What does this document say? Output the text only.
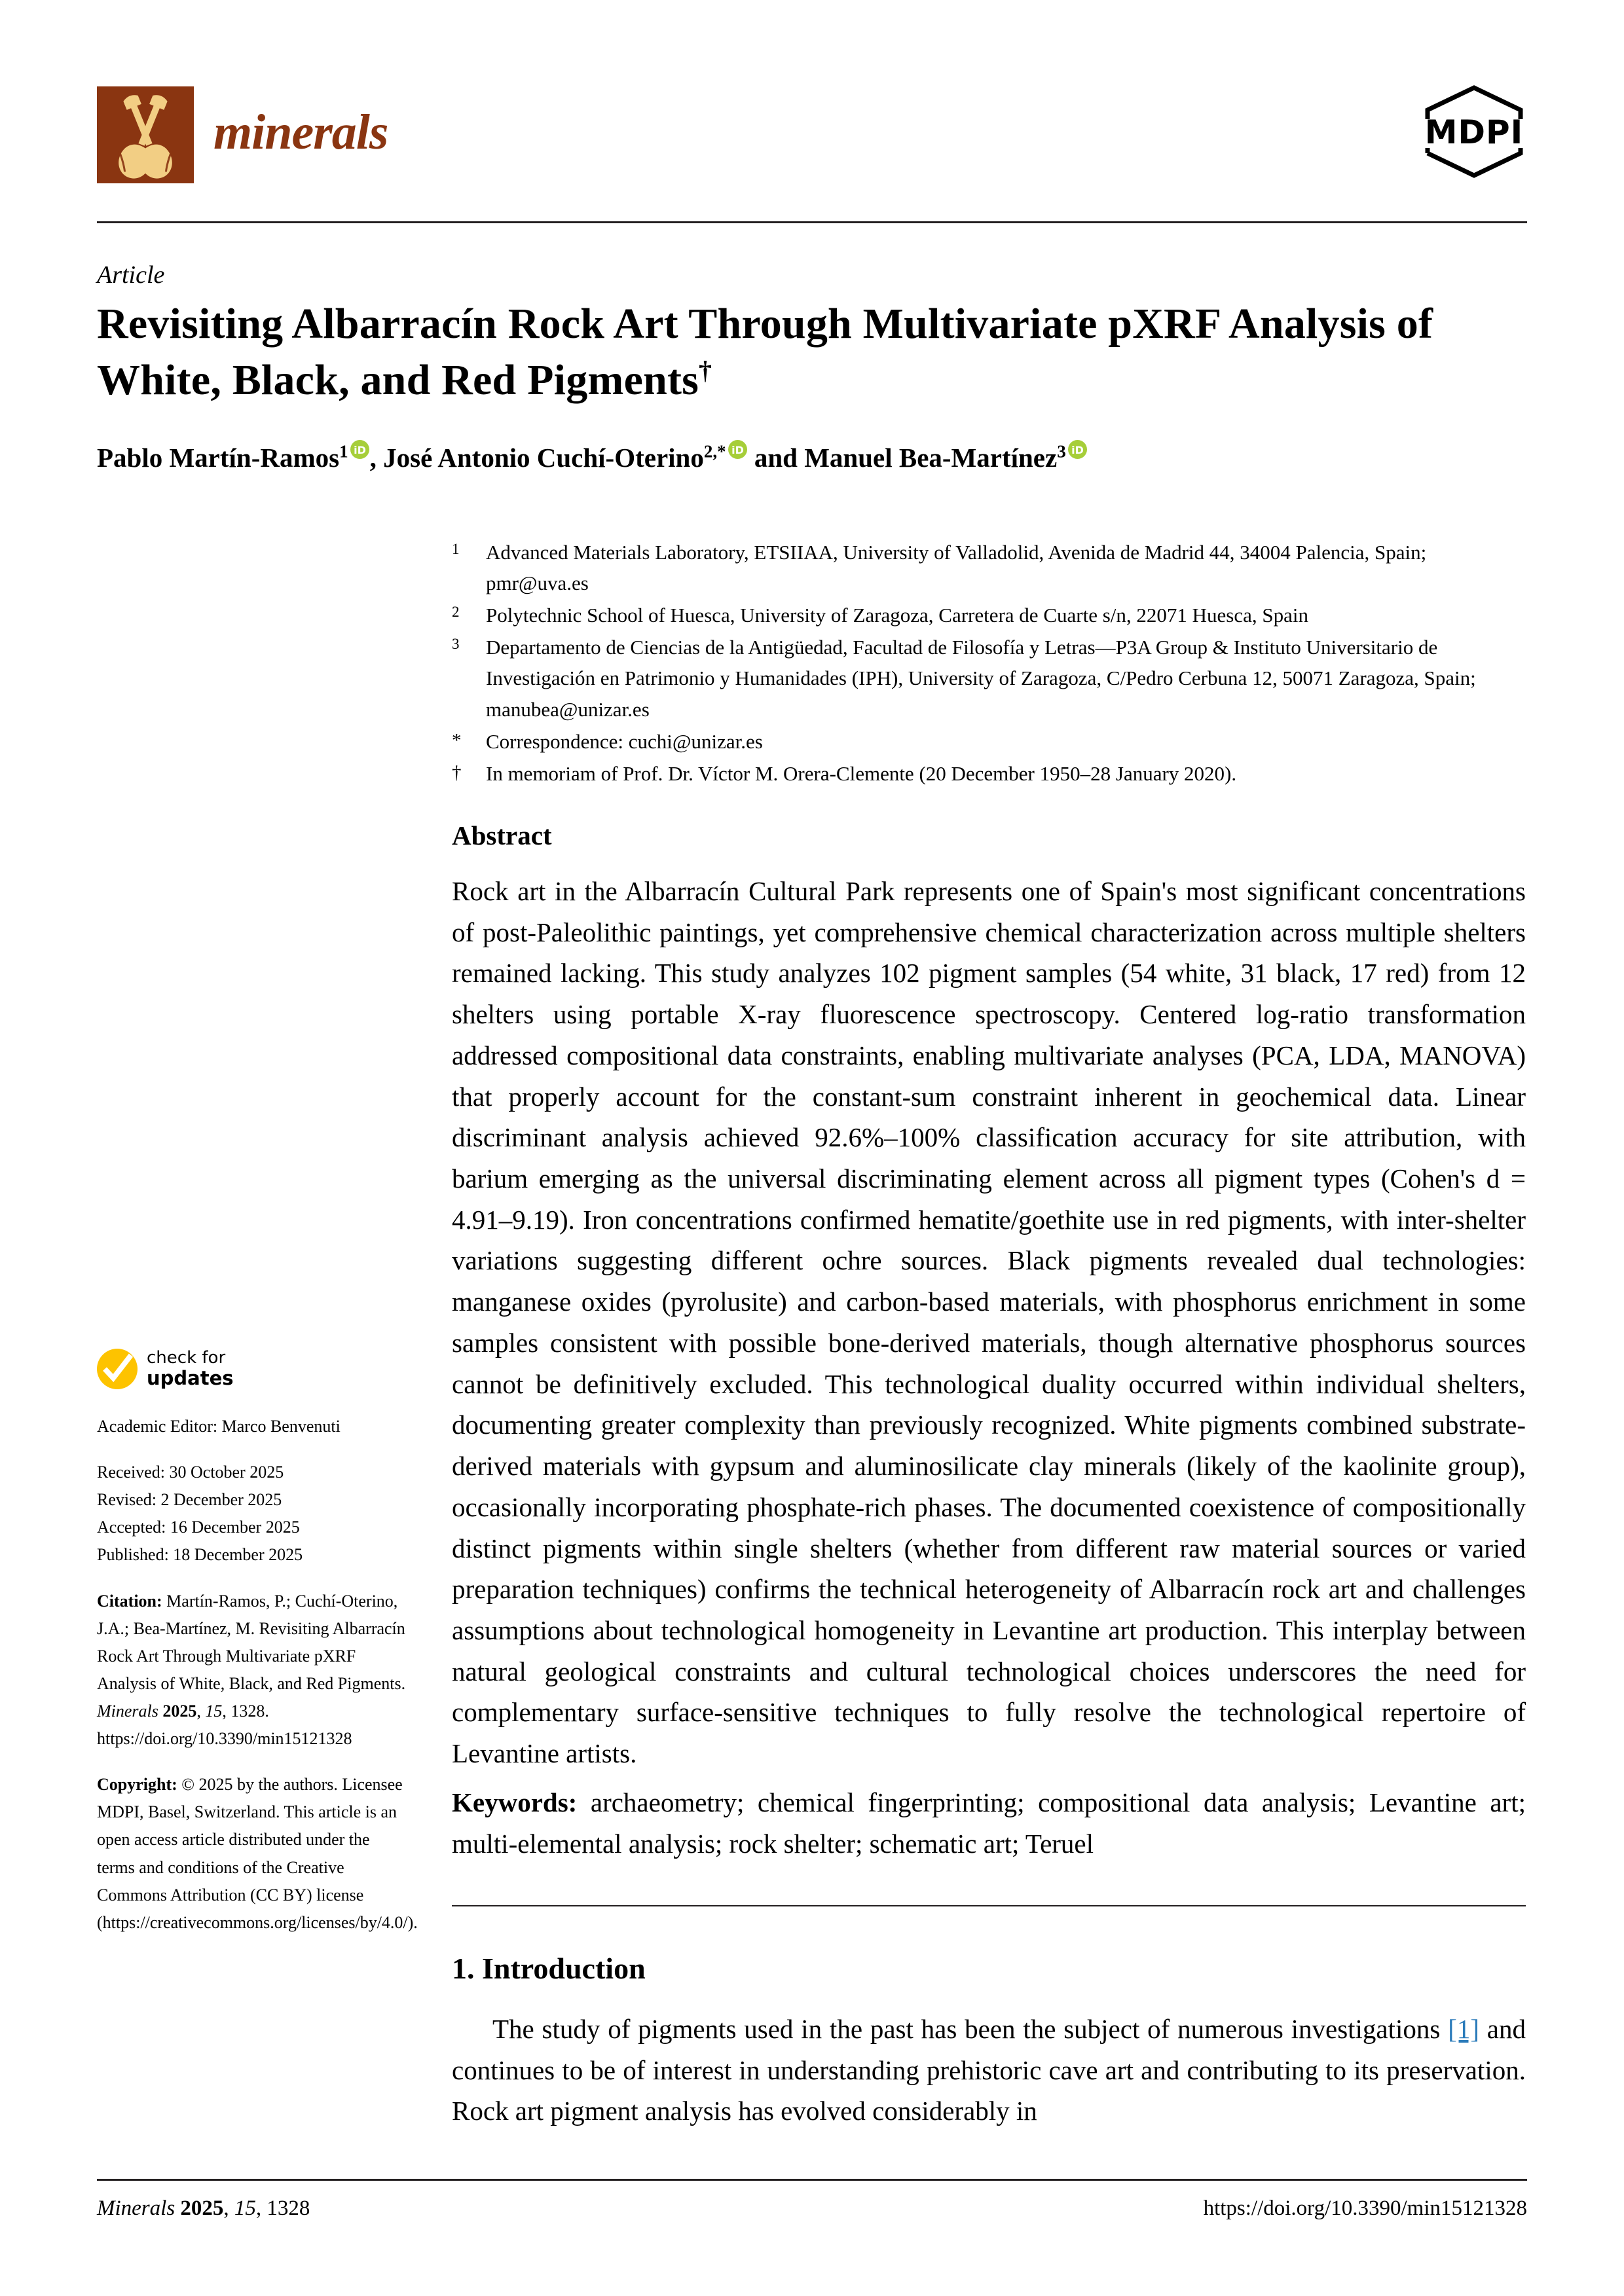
minerals	MDPI
Article
Revisiting Albarracín Rock Art Through Multivariate pXRF Analysis of White, Black, and Red Pigments†
Pablo Martín-Ramos$^1$ iD , José Antonio Cuchí-Oterino$^{2,*}$ iD and Manuel Bea-Martínez$^3$ iD
1	Advanced Materials Laboratory, ETSIIAA, University of Valladolid, Avenida de Madrid 44, 34004 Palencia, Spain; pmr@uva.es
2	Polytechnic School of Huesca, University of Zaragoza, Carretera de Cuarte s/n, 22071 Huesca, Spain
3	Departamento de Ciencias de la Antigüedad, Facultad de Filosofía y Letras—P3A Group & Instituto Universitario de Investigación en Patrimonio y Humanidades (IPH), University of Zaragoza, C/Pedro Cerbuna 12, 50071 Zaragoza, Spain; manubea@unizar.es
*	Correspondence: cuchi@unizar.es
†	In memoriam of Prof. Dr. Víctor M. Orera-Clemente (20 December 1950–28 January 2020).
Abstract
Rock art in the Albarracín Cultural Park represents one of Spain's most significant concentrations of post-Paleolithic paintings, yet comprehensive chemical characterization across multiple shelters remained lacking. This study analyzes 102 pigment samples (54 white, 31 black, 17 red) from 12 shelters using portable X-ray fluorescence spectroscopy. Centered log-ratio transformation addressed compositional data constraints, enabling multivariate analyses (PCA, LDA, MANOVA) that properly account for the constant-sum constraint inherent in geochemical data. Linear discriminant analysis achieved 92.6%–100% classification accuracy for site attribution, with barium emerging as the universal discriminating element across all pigment types (Cohen's d = 4.91–9.19). Iron concentrations confirmed hematite/goethite use in red pigments, with inter-shelter variations suggesting different ochre sources. Black pigments revealed dual technologies: manganese oxides (pyrolusite) and carbon-based materials, with phosphorus enrichment in some samples consistent with possible bone-derived materials, though alternative phosphorus sources cannot be definitively excluded. This technological duality occurred within individual shelters, documenting greater complexity than previously recognized. White pigments combined substrate-derived materials with gypsum and aluminosilicate clay minerals (likely of the kaolinite group), occasionally incorporating phosphate-rich phases. The documented coexistence of compositionally distinct pigments within single shelters (whether from different raw material sources or varied preparation techniques) confirms the technical heterogeneity of Albarracín rock art and challenges assumptions about technological homogeneity in Levantine art production. This interplay between natural geological constraints and cultural technological choices underscores the need for complementary surface-sensitive techniques to fully resolve the technological repertoire of Levantine artists.
Keywords: archaeometry; chemical fingerprinting; compositional data analysis; Levantine art; multi-elemental analysis; rock shelter; schematic art; Teruel
1. Introduction
The study of pigments used in the past has been the subject of numerous investigations [1] and continues to be of interest in understanding prehistoric cave art and contributing to its preservation. Rock art pigment analysis has evolved considerably in
check for
updates
Academic Editor: Marco Benvenuti
Received: 30 October 2025
Revised: 2 December 2025
Accepted: 16 December 2025
Published: 18 December 2025
Citation: Martín-Ramos, P.; Cuchí-Oterino, J.A.; Bea-Martínez, M. Revisiting Albarracín Rock Art Through Multivariate pXRF Analysis of White, Black, and Red Pigments. Minerals 2025, 15, 1328. https://doi.org/10.3390/min15121328
Copyright: © 2025 by the authors. Licensee MDPI, Basel, Switzerland. This article is an open access article distributed under the terms and conditions of the Creative Commons Attribution (CC BY) license (https://creativecommons.org/licenses/by/4.0/).
Minerals 2025, 15, 1328	https://doi.org/10.3390/min15121328
